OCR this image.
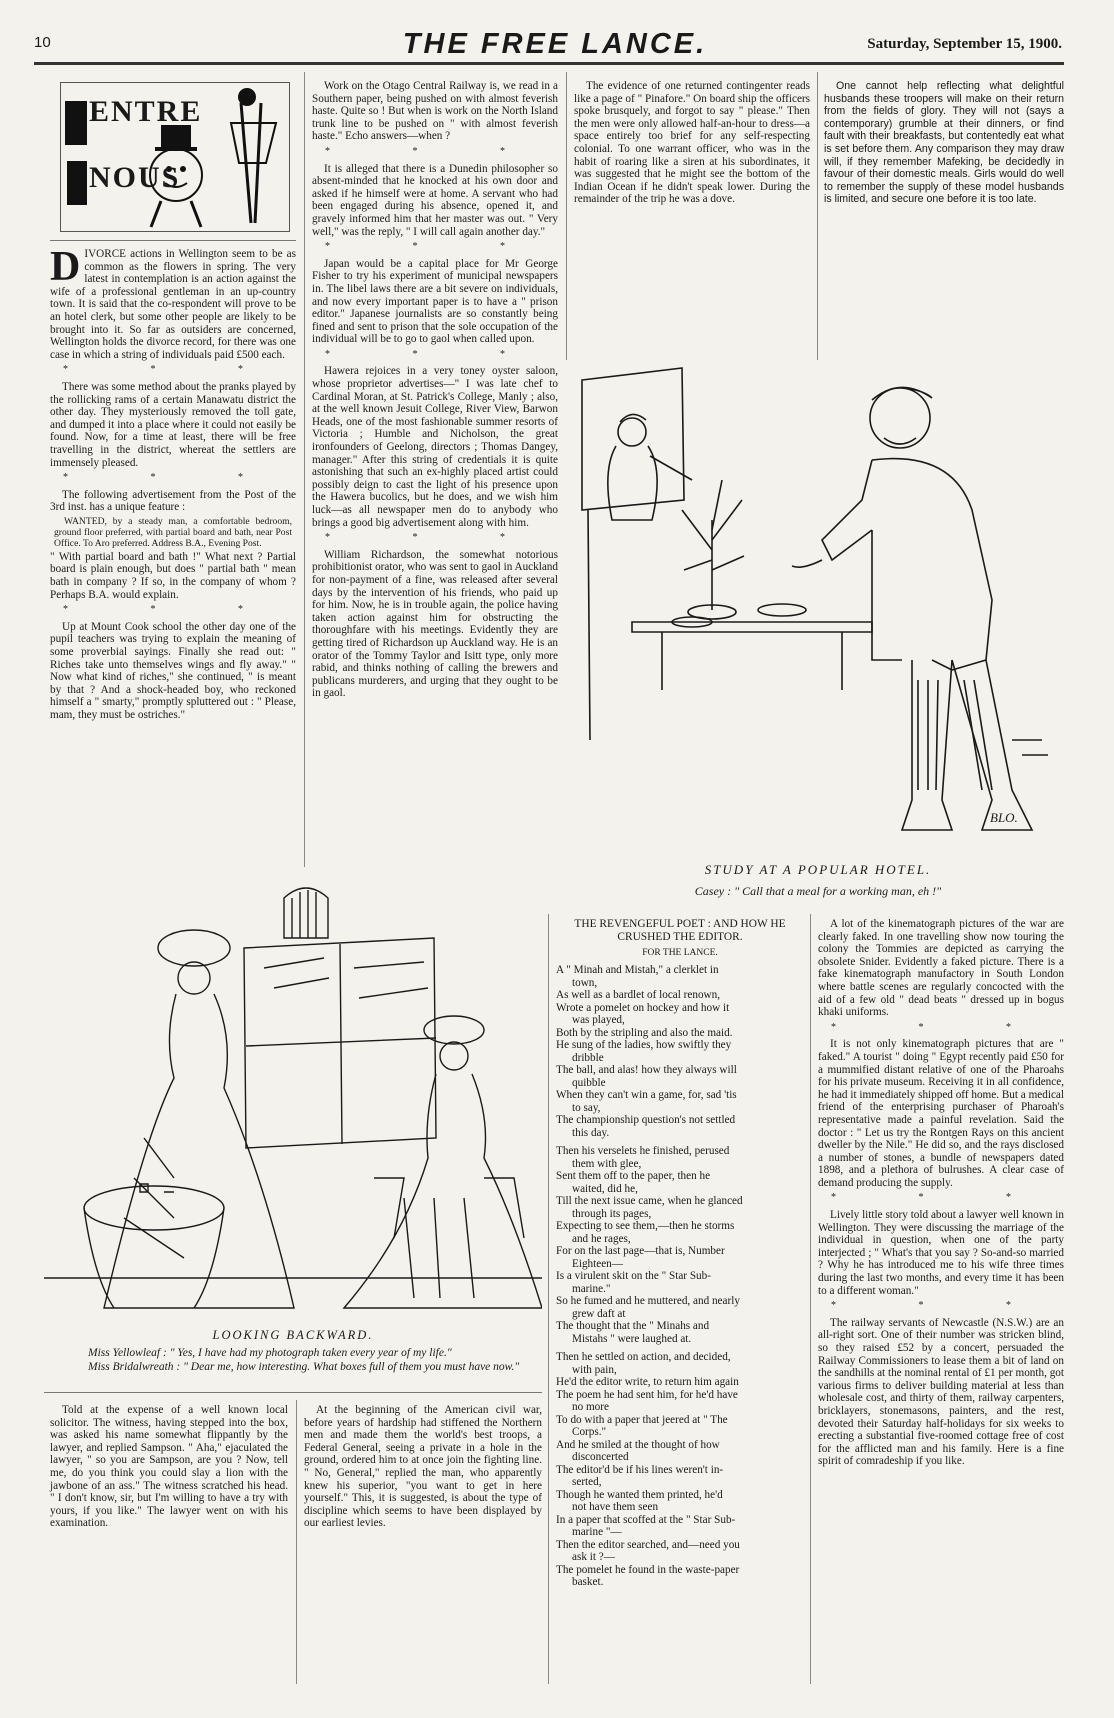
10	THE FREE LANCE.	Saturday, September 15, 1900.
ENTRE
NOUS

DIVORCE actions in Wellington seem to be as common as the flowers in spring. The very latest in contemplation is an action against the wife of a professional gentleman in an up-country town. It is said that the co-respondent will prove to be an hotel clerk, but some other people are likely to be brought into it. So far as outsiders are concerned, Wellington holds the divorce record, for there was one case in which a string of individuals paid £500 each.

* * *

There was some method about the pranks played by the rollicking rams of a certain Manawatu district the other day. They mysteriously removed the toll gate, and dumped it into a place where it could not easily be found. Now, for a time at least, there will be free travelling in the district, whereat the settlers are immensely pleased.

* * *

The following advertisement from the Post of the 3rd inst. has a unique feature :

WANTED, by a steady man, a comfortable bedroom, ground floor preferred, with partial board and bath, near Post Office. To Aro preferred. Address B.A., Evening Post.

" With partial board and bath !" What next ? Partial board is plain enough, but does " partial bath " mean bath in company ? If so, in the company of whom ? Perhaps B.A. would explain.

* * *

Up at Mount Cook school the other day one of the pupil teachers was trying to explain the meaning of some proverbial sayings. Finally she read out: " Riches take unto themselves wings and fly away." " Now what kind of riches," she continued, " is meant by that ? And a shock-headed boy, who reckoned himself a " smarty," promptly spluttered out : " Please, mam, they must be ostriches."

Work on the Otago Central Railway is, we read in a Southern paper, being pushed on with almost feverish haste. Quite so ! But when is work on the North Island trunk line to be pushed on " with almost feverish haste." Echo answers—when ?

* * *

It is alleged that there is a Dunedin philosopher so absent-minded that he knocked at his own door and asked if he himself were at home. A servant who had been engaged during his absence, opened it, and gravely informed him that her master was out. " Very well," was the reply, " I will call again another day."

* * *

Japan would be a capital place for Mr George Fisher to try his experiment of municipal newspapers in. The libel laws there are a bit severe on individuals, and now every important paper is to have a " prison editor." Japanese journalists are so constantly being fined and sent to prison that the sole occupation of the individual will be to go to gaol when called upon.

* * *

Hawera rejoices in a very toney oyster saloon, whose proprietor advertises—" I was late chef to Cardinal Moran, at St. Patrick's College, Manly ; also, at the well known Jesuit College, River View, Barwon Heads, one of the most fashionable summer resorts of Victoria ; Humble and Nicholson, the great ironfounders of Geelong, directors ; Thomas Dangey, manager." After this string of credentials it is quite astonishing that such an ex-highly placed artist could possibly deign to cast the light of his presence upon the Hawera bucolics, but he does, and we wish him luck—as all newspaper men do to anybody who brings a good big advertisement along with him.

* * *

William Richardson, the somewhat notorious prohibitionist orator, who was sent to gaol in Auckland for non-payment of a fine, was released after several days by the intervention of his friends, who paid up for him. Now, he is in trouble again, the police having taken action against him for obstructing the thoroughfare with his meetings. Evidently they are getting tired of Richardson up Auckland way. He is an orator of the Tommy Taylor and Isitt type, only more rabid, and thinks nothing of calling the brewers and publicans murderers, and urging that they ought to be in gaol.

The evidence of one returned contingenter reads like a page of " Pinafore." On board ship the officers spoke brusquely, and forgot to say " please." Then the men were only allowed half-an-hour to dress—a space entirely too brief for any self-respecting colonial. To one warrant officer, who was in the habit of roaring like a siren at his subordinates, it was suggested that he might see the bottom of the Indian Ocean if he didn't speak lower. During the remainder of the trip he was a dove.

One cannot help reflecting what delightful husbands these troopers will make on their return from the fields of glory. They will not (says a contemporary) grumble at their dinners, or find fault with their breakfasts, but contentedly eat what is set before them. Any comparison they may draw will, if they remember Mafeking, be decidedly in favour of their domestic meals. Girls would do well to remember the supply of these model husbands is limited, and secure one before it is too late.

BLO.
STUDY AT A POPULAR HOTEL.
Casey : " Call that a meal for a working man, eh !"
LOOKING BACKWARD.
Miss Yellowleaf : " Yes, I have had my photograph taken every year of my life."
Miss Bridalwreath : " Dear me, how interesting. What boxes full of them you must have now."
THE REVENGEFUL POET : AND HOW HE CRUSHED THE EDITOR.
FOR THE LANCE.
A " Minah and Mistah," a clerklet in
town,
As well as a bardlet of local renown,
Wrote a pomelet on hockey and how it
was played,
Both by the stripling and also the maid.
He sung of the ladies, how swiftly they
dribble
The ball, and alas! how they always will
quibble
When they can't win a game, for, sad 'tis
to say,
The championship question's not settled
this day.
Then his verselets he finished, perused
them with glee,
Sent them off to the paper, then he
waited, did he,
Till the next issue came, when he glanced
through its pages,
Expecting to see them,—then he storms
and he rages,
For on the last page—that is, Number
Eighteen—
Is a virulent skit on the " Star Sub-
marine."
So he fumed and he muttered, and nearly
grew daft at
The thought that the " Minahs and
Mistahs " were laughed at.
Then he settled on action, and decided,
with pain,
He'd the editor write, to return him again
The poem he had sent him, for he'd have
no more
To do with a paper that jeered at " The
Corps."
And he smiled at the thought of how
disconcerted
The editor'd be if his lines weren't in-
serted,
Though he wanted them printed, he'd
not have them seen
In a paper that scoffed at the " Star Sub-
marine "—
Then the editor searched, and—need you
ask it ?—
The pomelet he found in the waste-paper
basket.

A lot of the kinematograph pictures of the war are clearly faked. In one travelling show now touring the colony the Tommies are depicted as carrying the obsolete Snider. Evidently a faked picture. There is a fake kinematograph manufactory in South London where battle scenes are regularly concocted with the aid of a few old " dead beats " dressed up in bogus khaki uniforms.

* * *

It is not only kinematograph pictures that are " faked." A tourist " doing " Egypt recently paid £50 for a mummified distant relative of one of the Pharoahs for his private museum. Receiving it in all confidence, he had it immediately shipped off home. But a medical friend of the enterprising purchaser of Pharoah's representative made a painful revelation. Said the doctor : " Let us try the Rontgen Rays on this ancient dweller by the Nile." He did so, and the rays disclosed a number of stones, a bundle of newspapers dated 1898, and a plethora of bulrushes. A clear case of demand producing the supply.

* * *

Lively little story told about a lawyer well known in Wellington. They were discussing the marriage of the individual in question, when one of the party interjected ; " What's that you say ? So-and-so married ? Why he has introduced me to his wife three times during the last two months, and every time it has been to a different woman."

* * *

The railway servants of Newcastle (N.S.W.) are an all-right sort. One of their number was stricken blind, so they raised £52 by a concert, persuaded the Railway Commissioners to lease them a bit of land on the sandhills at the nominal rental of £1 per month, got various firms to deliver building material at less than wholesale cost, and thirty of them, railway carpenters, bricklayers, stonemasons, painters, and the rest, devoted their Saturday half-holidays for six weeks to erecting a substantial five-roomed cottage free of cost for the afflicted man and his family. Here is a fine spirit of comradeship if you like.

Told at the expense of a well known local solicitor. The witness, having stepped into the box, was asked his name somewhat flippantly by the lawyer, and replied Sampson. " Aha," ejaculated the lawyer, " so you are Sampson, are you ? Now, tell me, do you think you could slay a lion with the jawbone of an ass." The witness scratched his head. " I don't know, sir, but I'm willing to have a try with yours, if you like." The lawyer went on with his examination.

At the beginning of the American civil war, before years of hardship had stiffened the Northern men and made them the world's best troops, a Federal General, seeing a private in a hole in the ground, ordered him to at once join the fighting line. " No, General," replied the man, who apparently knew his superior, "you want to get in here yourself." This, it is suggested, is about the type of discipline which seems to have been displayed by our earliest levies.
